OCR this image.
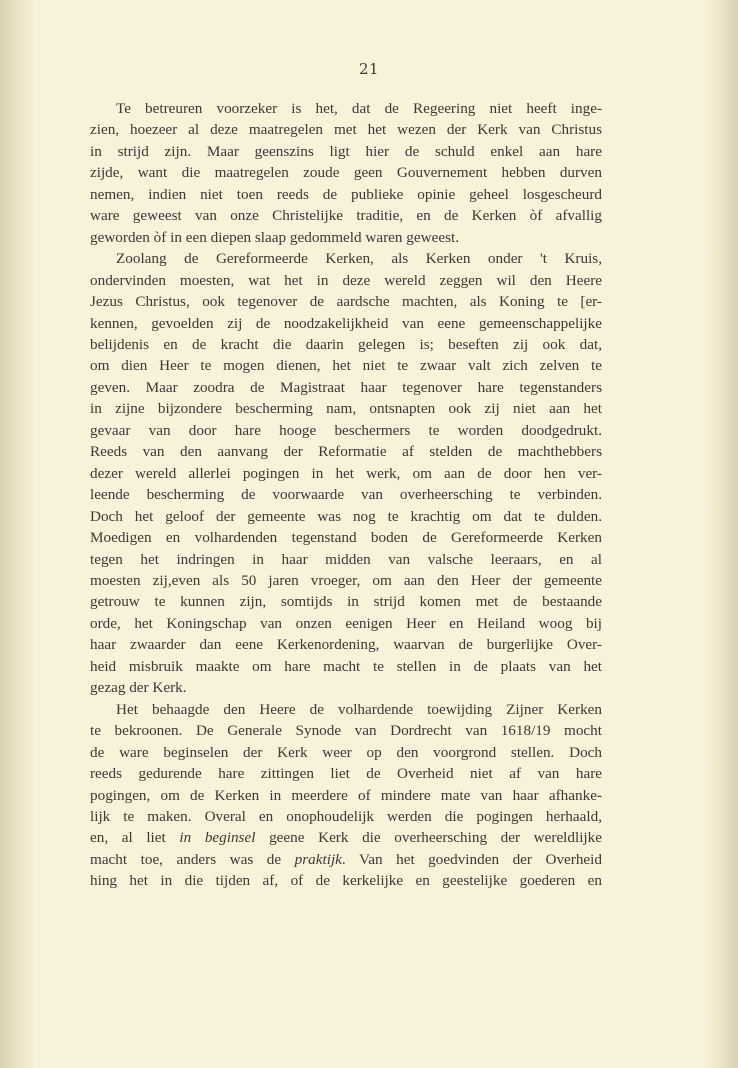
21
Te betreuren voorzeker is het, dat de Regeering niet heeft inge-
zien, hoezeer al deze maatregelen met het wezen der Kerk van Christus
in strijd zijn. Maar geenszins ligt hier de schuld enkel aan hare
zijde, want die maatregelen zoude geen Gouvernement hebben durven
nemen, indien niet toen reeds de publieke opinie geheel losgescheurd
ware geweest van onze Christelijke traditie, en de Kerken òf afvallig
geworden òf in een diepen slaap gedommeld waren geweest.
Zoolang de Gereformeerde Kerken, als Kerken onder 't Kruis,
ondervinden moesten, wat het in deze wereld zeggen wil den Heere
Jezus Christus, ook tegenover de aardsche machten, als Koning te [er-
kennen, gevoelden zij de noodzakelijkheid van eene gemeenschappelijke
belijdenis en de kracht die daarin gelegen is; beseften zij ook dat,
om dien Heer te mogen dienen, het niet te zwaar valt zich zelven te
geven. Maar zoodra de Magistraat haar tegenover hare tegenstanders
in zijne bijzondere bescherming nam, ontsnapten ook zij niet aan het
gevaar van door hare hooge beschermers te worden doodgedrukt.
Reeds van den aanvang der Reformatie af stelden de machthebbers
dezer wereld allerlei pogingen in het werk, om aan de door hen ver-
leende bescherming de voorwaarde van overheersching te verbinden.
Doch het geloof der gemeente was nog te krachtig om dat te dulden.
Moedigen en volhardenden tegenstand boden de Gereformeerde Kerken
tegen het indringen in haar midden van valsche leeraars, en al
moesten zij,even als 50 jaren vroeger, om aan den Heer der gemeente
getrouw te kunnen zijn, somtijds in strijd komen met de bestaande
orde, het Koningschap van onzen eenigen Heer en Heiland woog bij
haar zwaarder dan eene Kerkenordening, waarvan de burgerlijke Over-
heid misbruik maakte om hare macht te stellen in de plaats van het
gezag der Kerk.
Het behaagde den Heere de volhardende toewijding Zijner Kerken
te bekroonen. De Generale Synode van Dordrecht van 1618/19 mocht
de ware beginselen der Kerk weer op den voorgrond stellen. Doch
reeds gedurende hare zittingen liet de Overheid niet af van hare
pogingen, om de Kerken in meerdere of mindere mate van haar afhanke-
lijk te maken. Overal en onophoudelijk werden die pogingen herhaald,
en, al liet in beginsel geene Kerk die overheersching der wereldlijke
macht toe, anders was de praktijk. Van het goedvinden der Overheid
hing het in die tijden af, of de kerkelijke en geestelijke goederen en
